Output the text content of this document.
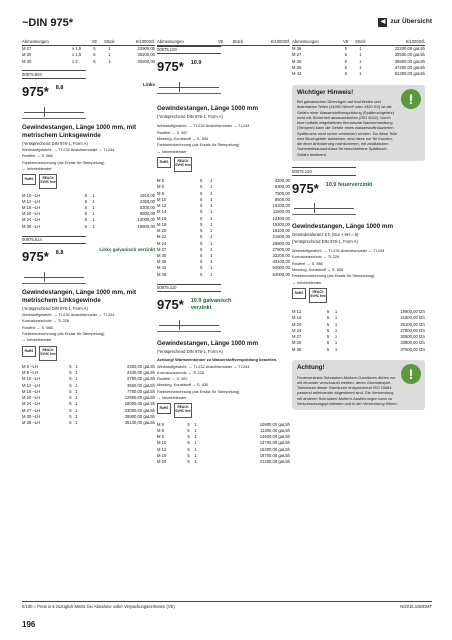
~DIN 975*	◀ zur Übersicht
Abmessungen		VE	Stück	€/1000Stf.
M 27	x 1,5	5	1	22900,00
M 30	x 1,5	5	1	30200,00
M 30	x 2	5	1	30200,00
00975.804
975* 8.8
Links
Gewindestangen, Länge 1000 mm, mit metrischem Linksgewinde
(*entsprechend DIN 976-1, Form A)
Werkstoffgewicht. → TI-232 Ansichtsmuster → TI-244
Rostfrei → S. 988
Farbkennzeichnung (als Ersatz für Stempelung)
→ Infoeinblender
RoHS	REACh SVHC free
M 10 –LH	5	1	1810,00
M 12 –LH	5	1	2350,00
M 16 –LH	5	1	5300,00
M 20 –LH	5	1	8800,00
M 24 –LH	5	1	13000,00
M 30 –LH	5	1	19800,00
00975.814
975* 8.8
Links galvanisch verzinkt
Gewindestangen, Länge 1000 mm, mit metrischem Linksgewinde
(*entsprechend DIN 976-1, Form A)
Werkstoffgewicht. → TI-232 Ansichtsmuster → TI-244
Korrosionsschutz → TI-228
Rostfrei → S. 988
Farbkennzeichnung (als Ersatz für Stempelung)
→ Infoeinblender
RoHS	REACh SVHC free
M 6 –LH	5	1	2300,00 gaL5h
M 8 –LH	5	1	2430,00 gaL5h
M 10 –LH	5	1	2750,00 gaL5h
M 12 –LH	5	1	3550,00 gaL5h
M 16 –LH	5	1	7700,00 gaL5h
M 20 –LH	5	1	12900,00 gaL5h
M 24 –LH	5	1	18000,00 gaL5h
M 27 –LH	5	1	23000,00 gaL5h
M 30 –LH	5	1	28900,00 gaL5h
M 36 –LH	5	1	36100,00 gaL5h
Abmessungen	VE	Stück	€/1000Stf.
00975.100
975* 10.9
Gewindestangen, Länge 1000 mm
(*entsprechend DIN 976-1, Form A)
Werkstoffgewicht. → TI-232 Ansichtsmuster → TI-244
Rostfrei → S. 987
Messing, Kunststoff → S. 830
Farbkennzeichnung (als Ersatz für Stempelung)
→ Infoeinblender
RoHS	REACh SVHC free
M 5	5	1	4200,00
M 6	5	1	6300,00
M 8	5	1	7900,00
M 10	5	1	8500,00
M 12	5	1	10200,00
M 14	5	1	11500,00
M 16	5	1	12400,00
M 18	5	1	15300,00
M 20	5	1	18100,00
M 22	5	1	21500,00
M 24	5	1	25800,00
M 27	5	1	27900,00
M 30	5	1	32200,00
M 36	5	1	43100,00
M 42	5	1	54000,00
M 48	5	1	64000,00
00975.110
975* 10.9 galvanisch verzinkt
Gewindestangen, Länge 1000 mm
(*entsprechend DIN 976-1, Form A)
Achtung! Wärmeeinbinder zu Wasserstoffversprödung beachten.
Werkstoffgewicht. → TI-232 Ansichtsmuster → TI-244
Korrosionsschutz → TI-228
Rostfrei → S. 987
Messing, Kunststoff → S. 830
Farbkennzeichnung (als Ersatz für Stempelung)
→ Infoeinblender
RoHS	REACh SVHC free
M 5	5	1	10900,00 gaL5h
M 6	5	1	11300,00 gaL5h
M 8	5	1	14600,00 gaL5h
M 10	5	1	14700,00 gaL5h
M 12	5	1	15200,00 gaL5h
M 16	5	1	16700,00 gaL5h
M 20	5	1	21200,00 gaL5h
Abmessungen	VE	Stück	€/1000Stf.
M 36	5	1	22200,00 gaL5h
M 27	5	1	30500,00 gaL5h
M 30	5	1	36500,00 gaL5h
M 36	5	1	47400,00 gaL5h
M 42	5	1	61300,00 gaL5h
!
Wichtiger Hinweis!

Bei galvanischen Überzügen auf hochfesten und federharten Teilen (≥1000 N/mm² oder ≥320 HV) ist die Gefahr einer Wasserstoffversprödung (Spätbruchgefahr) nicht mit Sicherheit auszuschließen (ISO 4042). Durch eine notfalls mitgeliefertes thermische Nachbehandlung (Tempern) kann die Gefahr eines wasserstoffinduzierten Spätbruchs nicht sicher vermieden werden. Da diese Teile eine Bruchgefahr aufweisen, sind diese nur für Kunden, die einer Anforderung nachkommen, mit zusätzlichen Sicherheitsausschlüsse für beschriebene Spätbruch-Gefahr bestimmt.

00975.120
975* 10.9 feuerverzinkt
Gewindestangen, Länge 1000 mm
Gewindetoleranz 6 h (Gut + 6H = 6)
(*entsprechend DIN 976-1, Form A)
Werkstoffgewicht. → TI-232 Ansichtsmuster → TI-244
Korrosionsschutz → TI-228
Rostfrei → S. 988
Messing, Kunststoff → S. 830
Farbkennzeichnung (als Ersatz für Stempelung)
→ Infoeinblender
RoHS	REACh SVHC free
M 12	5	1	19900,00 tZn
M 16	5	1	21600,00 tZn
M 20	5	1	26100,00 tZn
M 24	5	1	27800,00 tZn
M 27	5	1	30500,00 tZn
M 30	5	1	33900,00 tZn
M 36	5	1	37600,00 tZn
!
Achtung!

Feuerverzinkte Schrauben-Muttern-Garnituren dürfen nur mit einander verschraubt werden, deren Gewindespiel - Toleranzen dieser Garnituren entsprechend ISO 10684 passend aufeinander abgestimmt sind. Die Verwendung mit anderen Schrauben-Muttern-Ausführungen kann zu Verschraubungsproblemen und in der Verwendung führen.

€/100 = Preis in € zuzüglich MwSt. bei Abnahme voller Verpackungseinheiten (VE)	N/2015.108/DMT
196
